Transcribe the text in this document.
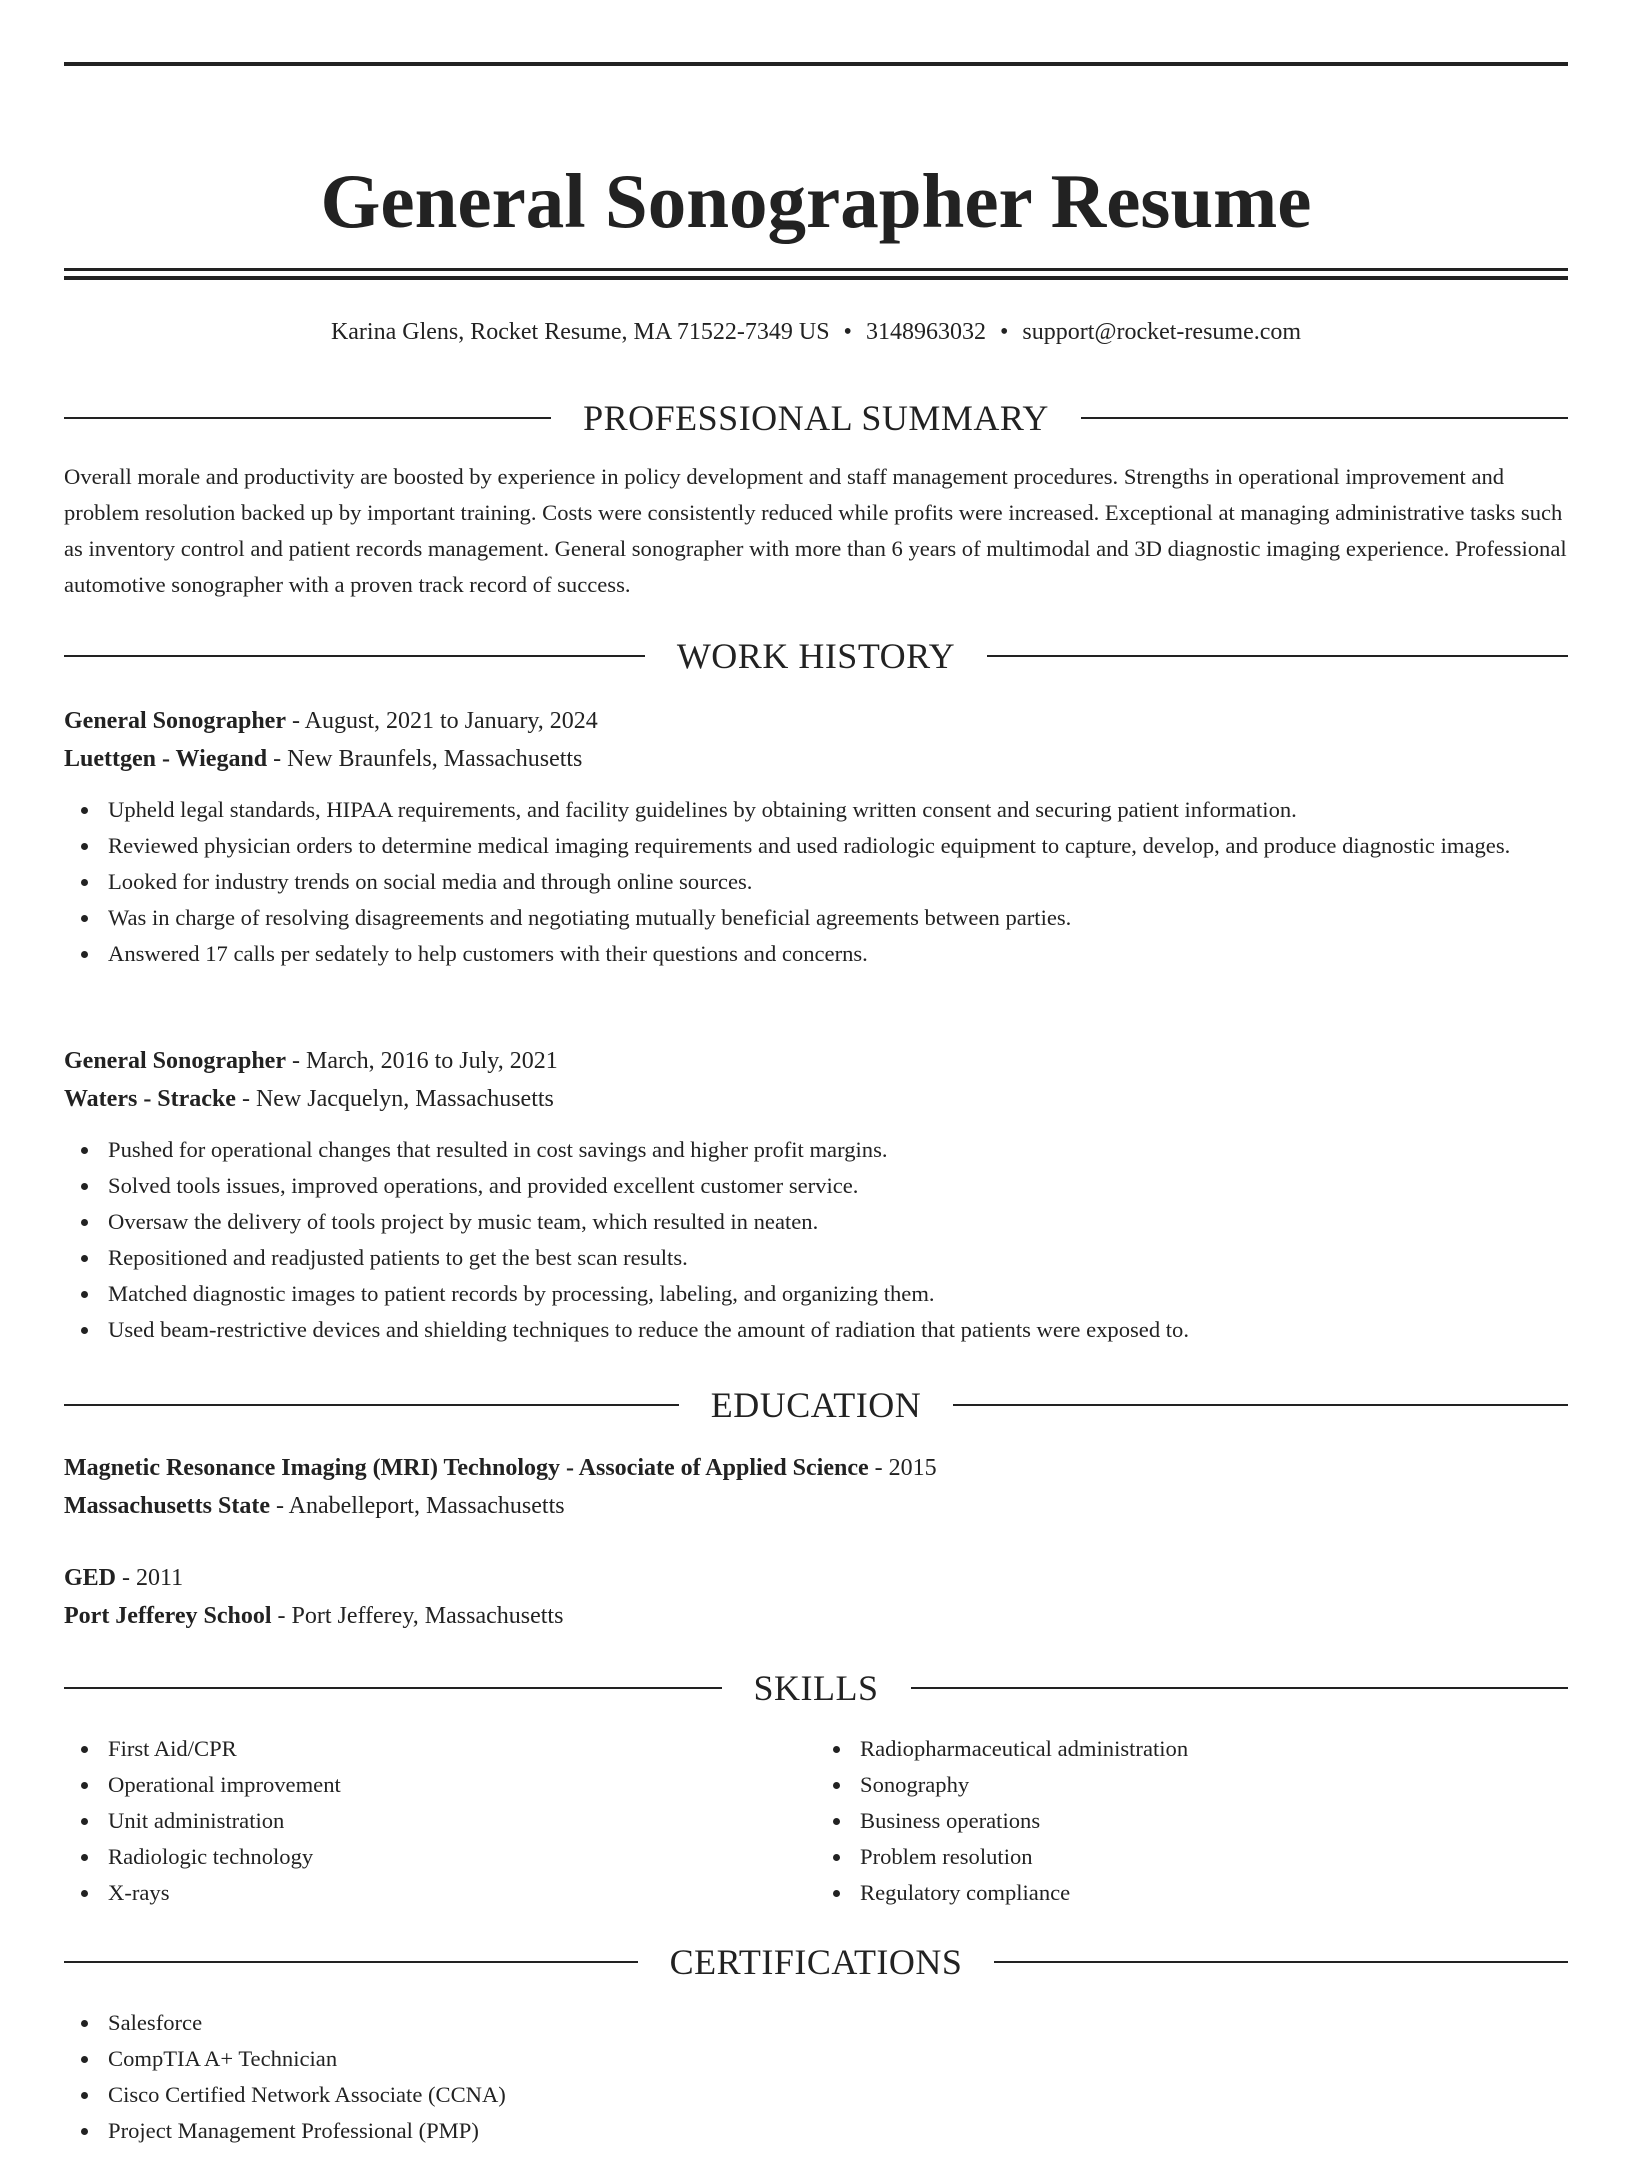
General Sonographer Resume
Karina Glens, Rocket Resume, MA 71522-7349 US • 3148963032 • support@rocket-resume.com
PROFESSIONAL SUMMARY
Overall morale and productivity are boosted by experience in policy development and staff management procedures. Strengths in operational improvement and problem resolution backed up by important training. Costs were consistently reduced while profits were increased. Exceptional at managing administrative tasks such as inventory control and patient records management. General sonographer with more than 6 years of multimodal and 3D diagnostic imaging experience. Professional automotive sonographer with a proven track record of success.
WORK HISTORY
General Sonographer - August, 2021 to January, 2024
Luettgen - Wiegand - New Braunfels, Massachusetts
Upheld legal standards, HIPAA requirements, and facility guidelines by obtaining written consent and securing patient information.
Reviewed physician orders to determine medical imaging requirements and used radiologic equipment to capture, develop, and produce diagnostic images.
Looked for industry trends on social media and through online sources.
Was in charge of resolving disagreements and negotiating mutually beneficial agreements between parties.
Answered 17 calls per sedately to help customers with their questions and concerns.
General Sonographer - March, 2016 to July, 2021
Waters - Stracke - New Jacquelyn, Massachusetts
Pushed for operational changes that resulted in cost savings and higher profit margins.
Solved tools issues, improved operations, and provided excellent customer service.
Oversaw the delivery of tools project by music team, which resulted in neaten.
Repositioned and readjusted patients to get the best scan results.
Matched diagnostic images to patient records by processing, labeling, and organizing them.
Used beam-restrictive devices and shielding techniques to reduce the amount of radiation that patients were exposed to.
EDUCATION
Magnetic Resonance Imaging (MRI) Technology - Associate of Applied Science - 2015
Massachusetts State - Anabelleport, Massachusetts
GED - 2011
Port Jefferey School - Port Jefferey, Massachusetts
SKILLS
First Aid/CPR
Operational improvement
Unit administration
Radiologic technology
X-rays
Radiopharmaceutical administration
Sonography
Business operations
Problem resolution
Regulatory compliance
CERTIFICATIONS
Salesforce
CompTIA A+ Technician
Cisco Certified Network Associate (CCNA)
Project Management Professional (PMP)
